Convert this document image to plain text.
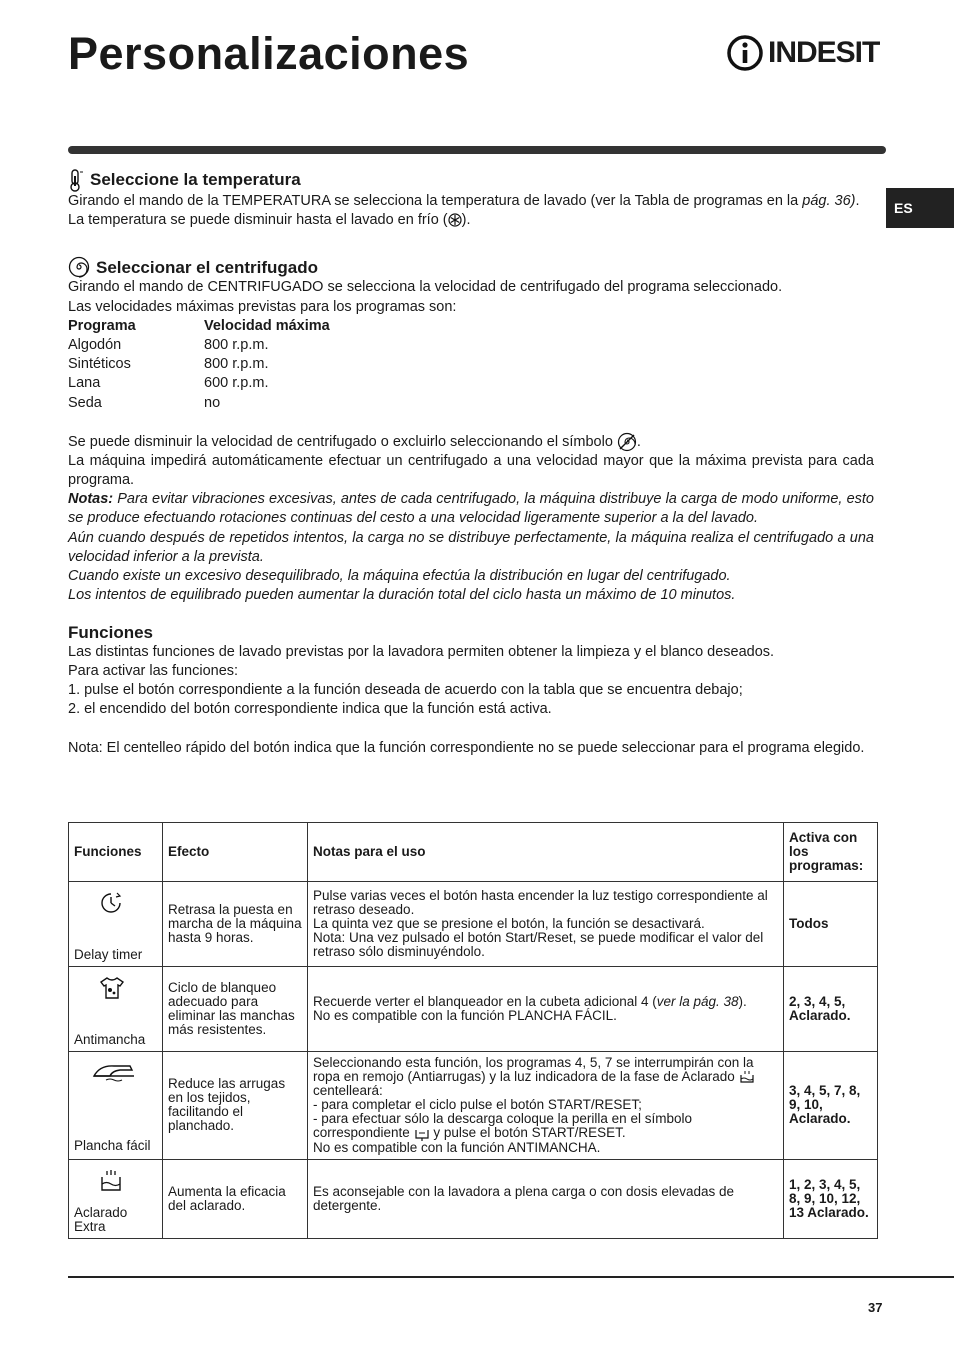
Personalizaciones	INDESIT
ES
Seleccione la temperatura

Girando el mando de la TEMPERATURA se selecciona la temperatura de lavado (ver la Tabla de programas en la pág. 36).

La temperatura se puede disminuir hasta el lavado en frío ( ).

Seleccionar el centrifugado

Girando el mando de CENTRIFUGADO se selecciona la velocidad de centrifugado del programa seleccionado.

Las velocidades máximas previstas para los programas son:

Programa	Velocidad máxima
Algodón	800 r.p.m.
Sintéticos	800 r.p.m.
Lana	600 r.p.m.
Seda	no

Se puede disminuir la velocidad de centrifugado o excluirlo seleccionando el símbolo .

La máquina impedirá automáticamente efectuar un centrifugado a una velocidad mayor que la máxima prevista para cada programa.

Notas: Para evitar vibraciones excesivas, antes de cada centrifugado, la máquina distribuye la carga de modo uniforme, esto se produce efectuando rotaciones continuas del cesto a una velocidad ligeramente superior a la del lavado.

Aún cuando después de repetidos intentos, la carga no se distribuye perfectamente, la máquina realiza el centrifugado a una velocidad inferior a la prevista.

Cuando existe un excesivo desequilibrado, la máquina efectúa la distribución en lugar del centrifugado.

Los intentos de equilibrado pueden aumentar la duración total del ciclo hasta un máximo de 10 minutos.

Funciones

Las distintas funciones de lavado previstas por la lavadora permiten obtener la limpieza y el blanco deseados.

Para activar las funciones:

1. pulse el botón correspondiente a la función deseada de acuerdo con la tabla que se encuentra debajo;

2. el encendido del botón correspondiente indica que la función está activa.

Nota: El centelleo rápido del botón indica que la función correspondiente no se puede seleccionar para el programa elegido.

Funciones	Efecto	Notas para el uso	Activa con los programas:

Delay timer	Retrasa la puesta en marcha de la máquina hasta 9 horas.	Pulse varias veces el botón hasta encender la luz testigo correspondiente al retraso deseado.
La quinta vez que se presione el botón, la función se desactivará.
Nota: Una vez pulsado el botón Start/Reset, se puede modificar el valor del retraso sólo disminuyéndolo.	Todos

Antimancha	Ciclo de blanqueo adecuado para eliminar las manchas más resistentes.	Recuerde verter el blanqueador en la cubeta adicional 4 (ver la pág. 38).
No es compatible con la función PLANCHA FÁCIL.	2, 3, 4, 5, Aclarado.

Plancha fácil	Reduce las arrugas en los tejidos, facilitando el planchado.	Seleccionando esta función, los programas 4, 5, 7 se interrumpirán con la ropa en remojo (Antiarrugas) y la luz indicadora de la fase de Aclarado  centelleará:
- para completar el ciclo pulse el botón START/RESET;
- para efectuar sólo la descarga coloque la perilla en el símbolo correspondiente  y pulse el botón START/RESET.
No es compatible con la función ANTIMANCHA.	3, 4, 5, 7, 8, 9, 10, Aclarado.

Aclarado Extra	Aumenta la eficacia del aclarado.	Es aconsejable con la lavadora a plena carga o con dosis elevadas de detergente.	1, 2, 3, 4, 5, 8, 9, 10, 12, 13 Aclarado.
37
